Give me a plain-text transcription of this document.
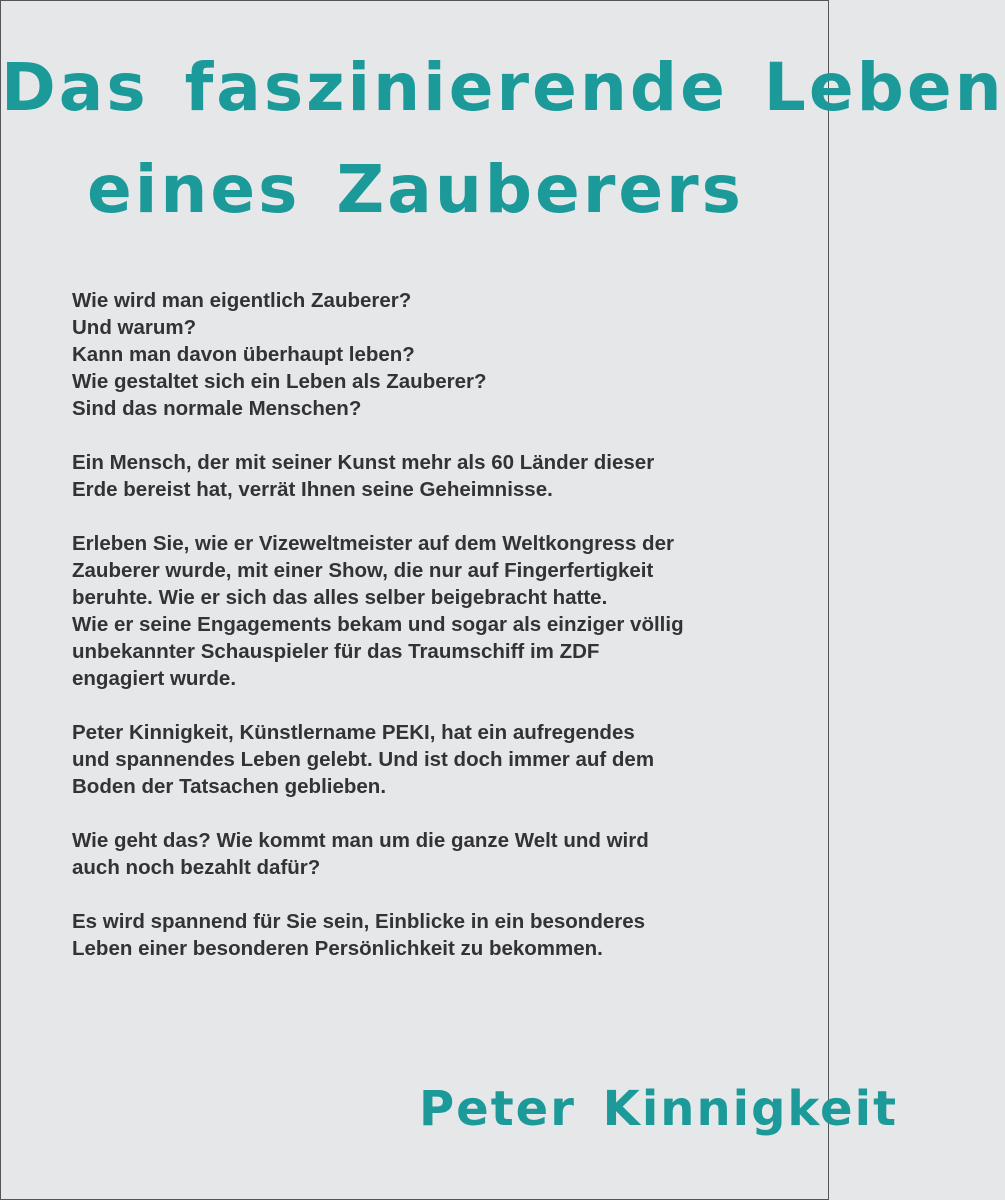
Das faszinierende Leben
eines Zauberers

Wie wird man eigentlich Zauberer?
Und warum?
Kann man davon überhaupt leben?
Wie gestaltet sich ein Leben als Zauberer?
Sind das normale Menschen?

Ein Mensch, der mit seiner Kunst mehr als 60 Länder dieser
Erde bereist hat, verrät Ihnen seine Geheimnisse.

Erleben Sie, wie er Vizeweltmeister auf dem Weltkongress der
Zauberer wurde, mit einer Show, die nur auf Fingerfertigkeit
beruhte. Wie er sich das alles selber beigebracht hatte.
Wie er seine Engagements bekam und sogar als einziger völlig
unbekannter Schauspieler für das Traumschiff im ZDF
engagiert wurde.

Peter Kinnigkeit, Künstlername PEKI, hat ein aufregendes
und spannendes Leben gelebt. Und ist doch immer auf dem
Boden der Tatsachen geblieben.

Wie geht das? Wie kommt man um die ganze Welt und wird
auch noch bezahlt dafür?

Es wird spannend für Sie sein, Einblicke in ein besonderes
Leben einer besonderen Persönlichkeit zu bekommen.

Peter Kinnigkeit
